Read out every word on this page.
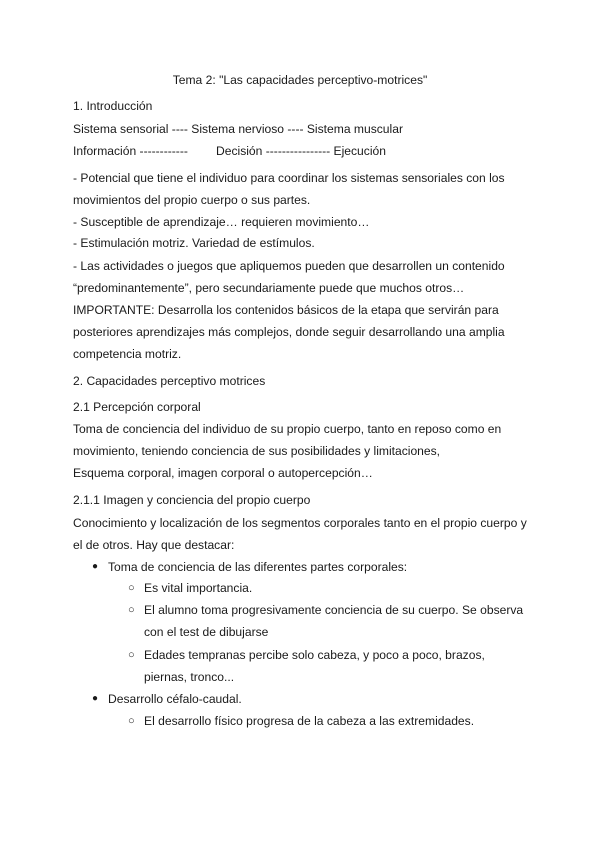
Tema 2: "Las capacidades perceptivo-motrices"
1. Introducción
Sistema sensorial ---- Sistema nervioso ---- Sistema muscular
Información ------------ Decisión ---------------- Ejecución
- Potencial que tiene el individuo para coordinar los sistemas sensoriales con los
movimientos del propio cuerpo o sus partes.
- Susceptible de aprendizaje… requieren movimiento…
- Estimulación motriz. Variedad de estímulos.
- Las actividades o juegos que apliquemos pueden que desarrollen un contenido
“predominantemente”, pero secundariamente puede que muchos otros…
IMPORTANTE: Desarrolla los contenidos básicos de la etapa que servirán para
posteriores aprendizajes más complejos, donde seguir desarrollando una amplia
competencia motriz.
2. Capacidades perceptivo motrices
2.1 Percepción corporal
Toma de conciencia del individuo de su propio cuerpo, tanto en reposo como en
movimiento, teniendo conciencia de sus posibilidades y limitaciones,
Esquema corporal, imagen corporal o autopercepción…
2.1.1 Imagen y conciencia del propio cuerpo
Conocimiento y localización de los segmentos corporales tanto en el propio cuerpo y
el de otros. Hay que destacar:
● Toma de conciencia de las diferentes partes corporales:
○ Es vital importancia.
○ El alumno toma progresivamente conciencia de su cuerpo. Se observa
con el test de dibujarse
○ Edades tempranas percibe solo cabeza, y poco a poco, brazos,
piernas, tronco...
● Desarrollo céfalo-caudal.
○ El desarrollo físico progresa de la cabeza a las extremidades.
